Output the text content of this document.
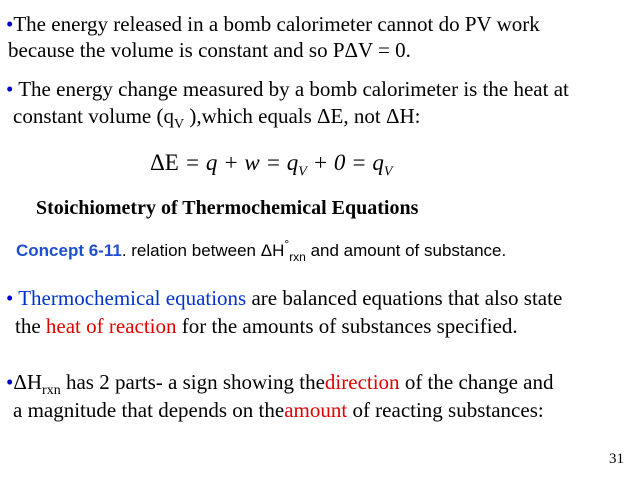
•The energy released in a bomb calorimeter cannot do PV work
because the volume is constant and so PΔV = 0.
• The energy change measured by a bomb calorimeter is the heat at
constant volume ($q_V$ ),which equals ΔE, not ΔH:
$\Delta E = q + w = q_V + 0 = q_V$
Stoichiometry of Thermochemical Equations
Concept 6-11. relation between $\Delta H^\circ_{rxn}$ and amount of substance.
• Thermochemical equations are balanced equations that also state
the heat of reaction for the amounts of substances specified.
$•\Delta H_{rxn}$ has 2 parts- a sign showing thedirection of the change and
a magnitude that depends on theamount of reacting substances:
31
